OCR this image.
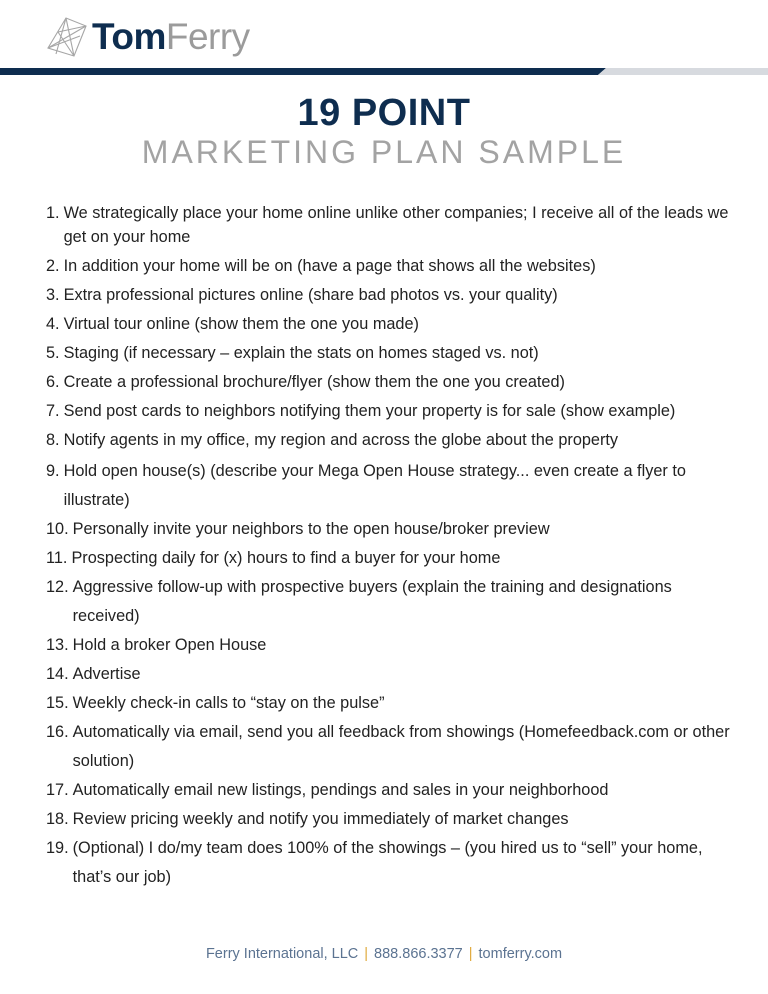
TomFerry
19 POINT
MARKETING PLAN SAMPLE
1. We strategically place your home online unlike other companies; I receive all of the leads we get on your home
2. In addition your home will be on (have a page that shows all the websites)
3. Extra professional pictures online (share bad photos vs. your quality)
4. Virtual tour online (show them the one you made)
5. Staging (if necessary – explain the stats on homes staged vs. not)
6. Create a professional brochure/flyer (show them the one you created)
7. Send post cards to neighbors notifying them your property is for sale (show example)
8. Notify agents in my office, my region and across the globe about the property
9. Hold open house(s) (describe your Mega Open House strategy... even create a flyer to illustrate)
10. Personally invite your neighbors to the open house/broker preview
11. Prospecting daily for (x) hours to find a buyer for your home
12. Aggressive follow-up with prospective buyers (explain the training and designations received)
13. Hold a broker Open House
14. Advertise
15. Weekly check-in calls to “stay on the pulse”
16. Automatically via email, send you all feedback from showings (Homefeedback.com or other solution)
17. Automatically email new listings, pendings and sales in your neighborhood
18. Review pricing weekly and notify you immediately of market changes
19. (Optional) I do/my team does 100% of the showings – (you hired us to “sell” your home, that’s our job)
Ferry International, LLC | 888.866.3377 | tomferry.com
